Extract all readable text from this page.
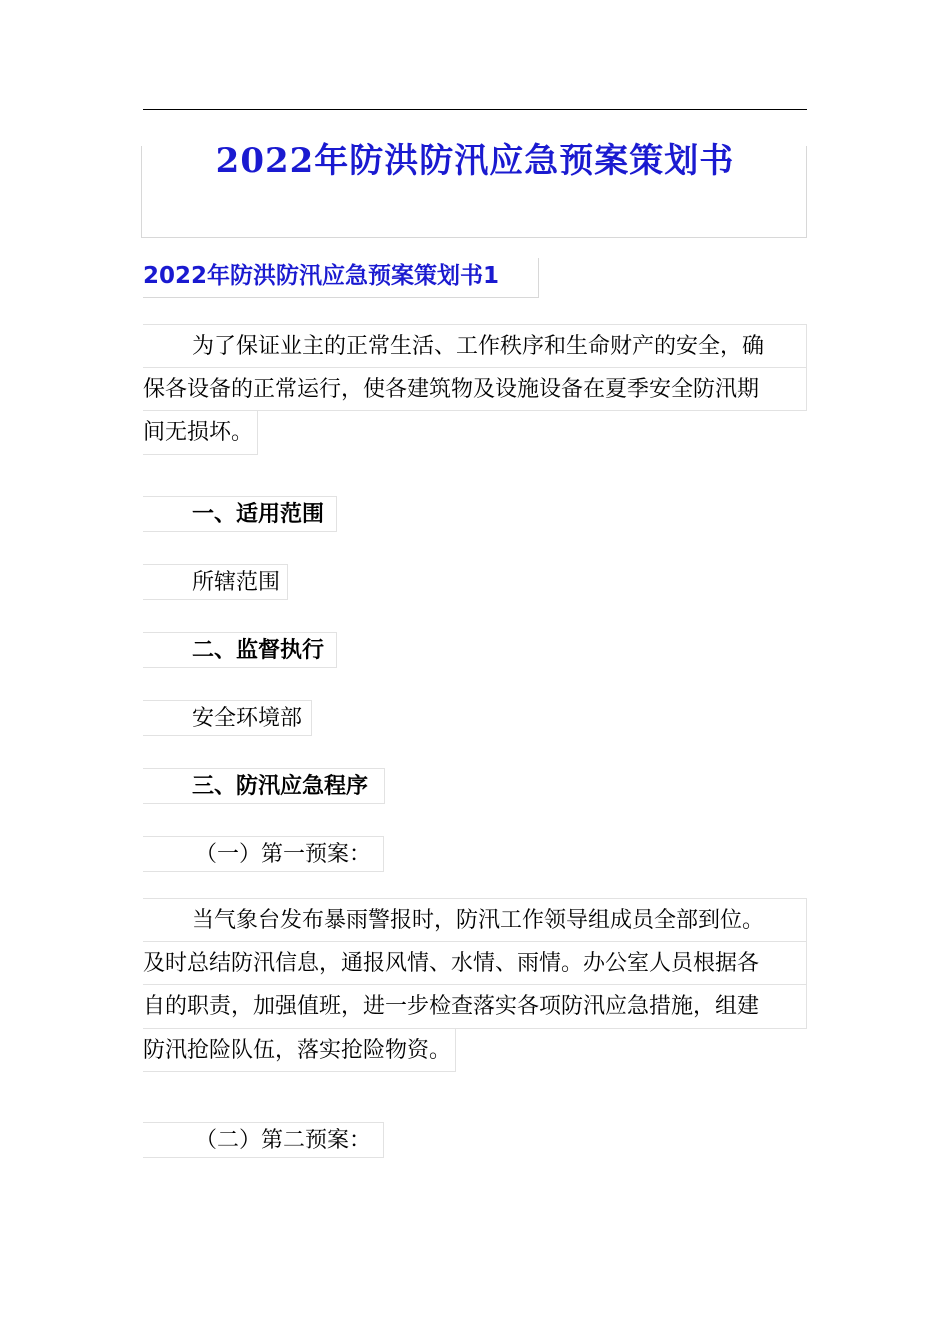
2022年防洪防汛应急预案策划书
2022年防洪防汛应急预案策划书1
为了保证业主的正常生活、工作秩序和生命财产的安全，确
保各设备的正常运行，使各建筑物及设施设备在夏季安全防汛期
间无损坏。
一、适用范围
所辖范围
二、监督执行
安全环境部
三、防汛应急程序
（一）第一预案：
当气象台发布暴雨警报时，防汛工作领导组成员全部到位。
及时总结防汛信息，通报风情、水情、雨情。办公室人员根据各
自的职责，加强值班，进一步检查落实各项防汛应急措施，组建
防汛抢险队伍，落实抢险物资。
（二）第二预案：
